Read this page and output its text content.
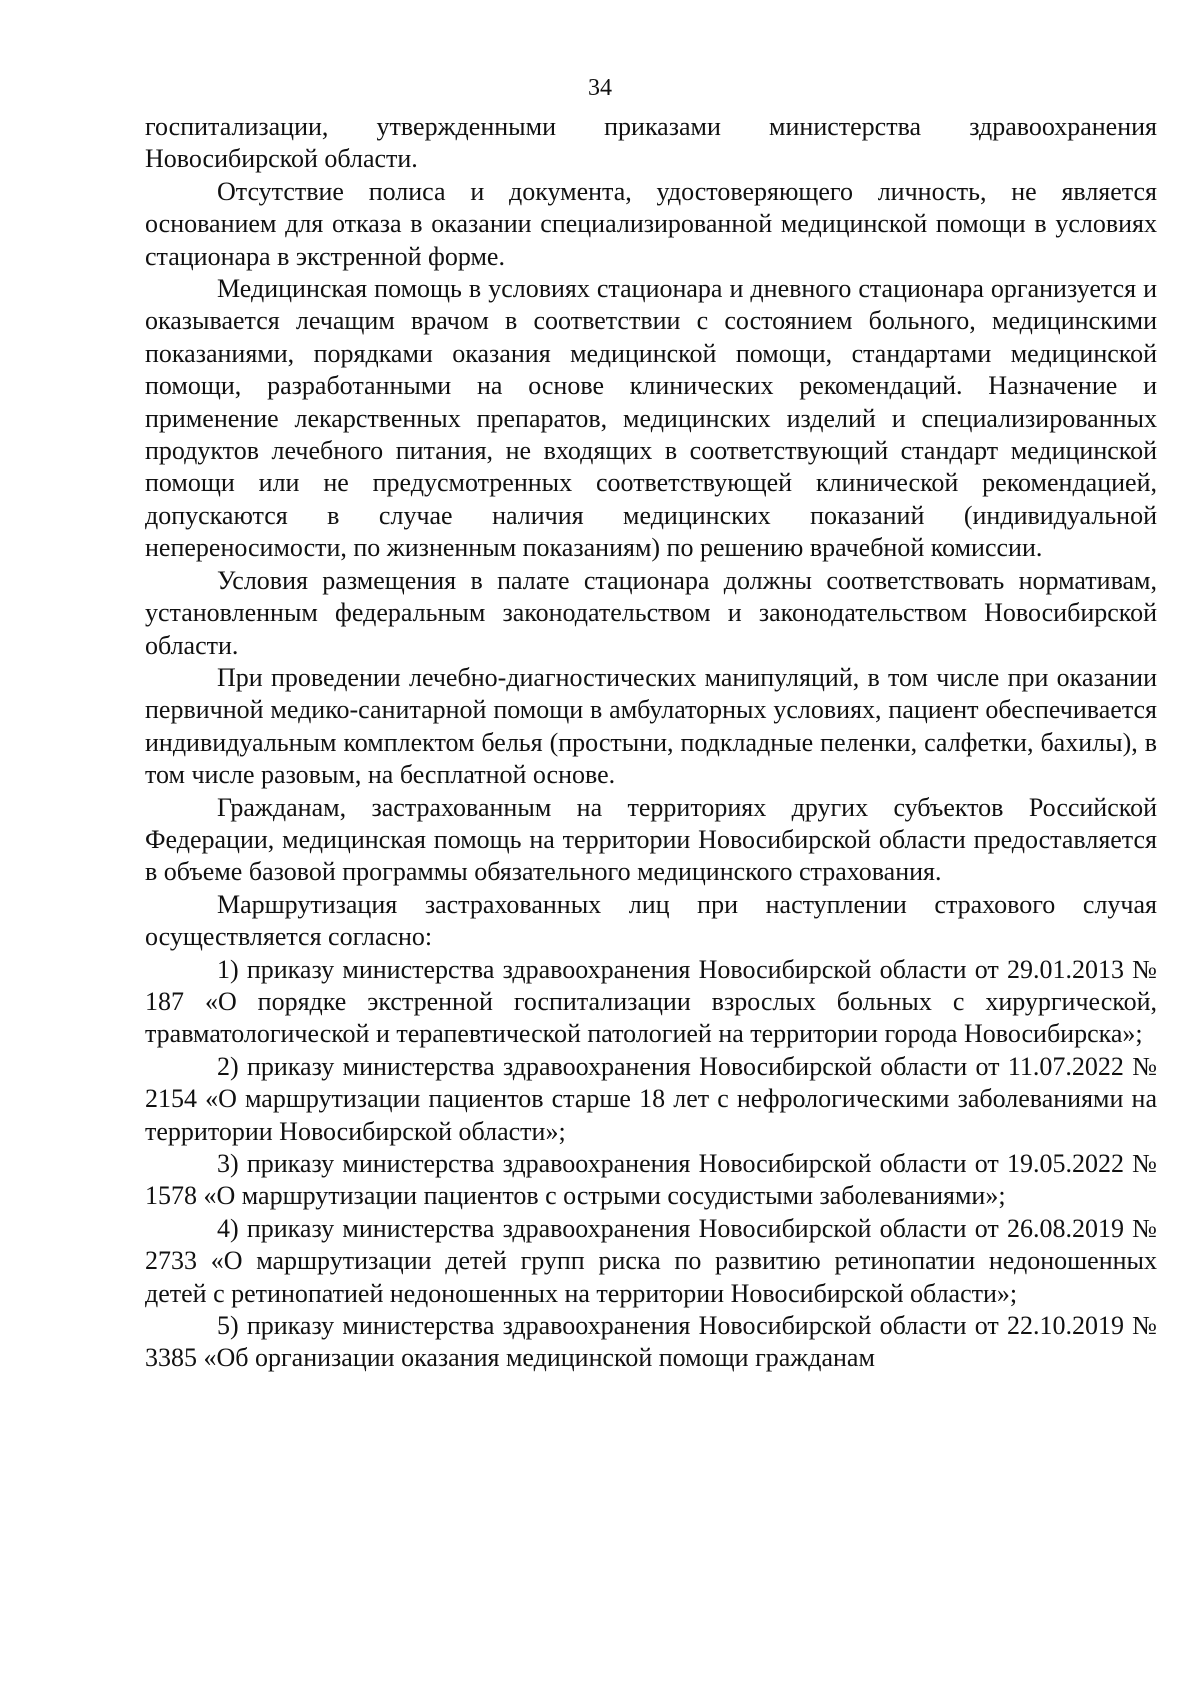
34

госпитализации, утвержденными приказами министерства здравоохранения Новосибирской области.

Отсутствие полиса и документа, удостоверяющего личность, не является основанием для отказа в оказании специализированной медицинской помощи в условиях стационара в экстренной форме.

Медицинская помощь в условиях стационара и дневного стационара организуется и оказывается лечащим врачом в соответствии с состоянием больного, медицинскими показаниями, порядками оказания медицинской помощи, стандартами медицинской помощи, разработанными на основе клинических рекомендаций. Назначение и применение лекарственных препаратов, медицинских изделий и специализированных продуктов лечебного питания, не входящих в соответствующий стандарт медицинской помощи или не предусмотренных соответствующей клинической рекомендацией, допускаются в случае наличия медицинских показаний (индивидуальной непереносимости, по жизненным показаниям) по решению врачебной комиссии.

Условия размещения в палате стационара должны соответствовать нормативам, установленным федеральным законодательством и законодательством Новосибирской области.

При проведении лечебно-диагностических манипуляций, в том числе при оказании первичной медико-санитарной помощи в амбулаторных условиях, пациент обеспечивается индивидуальным комплектом белья (простыни, подкладные пеленки, салфетки, бахилы), в том числе разовым, на бесплатной основе.

Гражданам, застрахованным на территориях других субъектов Российской Федерации, медицинская помощь на территории Новосибирской области предоставляется в объеме базовой программы обязательного медицинского страхования.

Маршрутизация застрахованных лиц при наступлении страхового случая осуществляется согласно:

1) приказу министерства здравоохранения Новосибирской области от 29.01.2013 № 187 «О порядке экстренной госпитализации взрослых больных с хирургической, травматологической и терапевтической патологией на территории города Новосибирска»;

2) приказу министерства здравоохранения Новосибирской области от 11.07.2022 № 2154 «О маршрутизации пациентов старше 18 лет с нефрологическими заболеваниями на территории Новосибирской области»;

3) приказу министерства здравоохранения Новосибирской области от 19.05.2022 № 1578 «О маршрутизации пациентов с острыми сосудистыми заболеваниями»;

4) приказу министерства здравоохранения Новосибирской области от 26.08.2019 № 2733 «О маршрутизации детей групп риска по развитию ретинопатии недоношенных детей с ретинопатией недоношенных на территории Новосибирской области»;

5) приказу министерства здравоохранения Новосибирской области от 22.10.2019 № 3385 «Об организации оказания медицинской помощи гражданам
